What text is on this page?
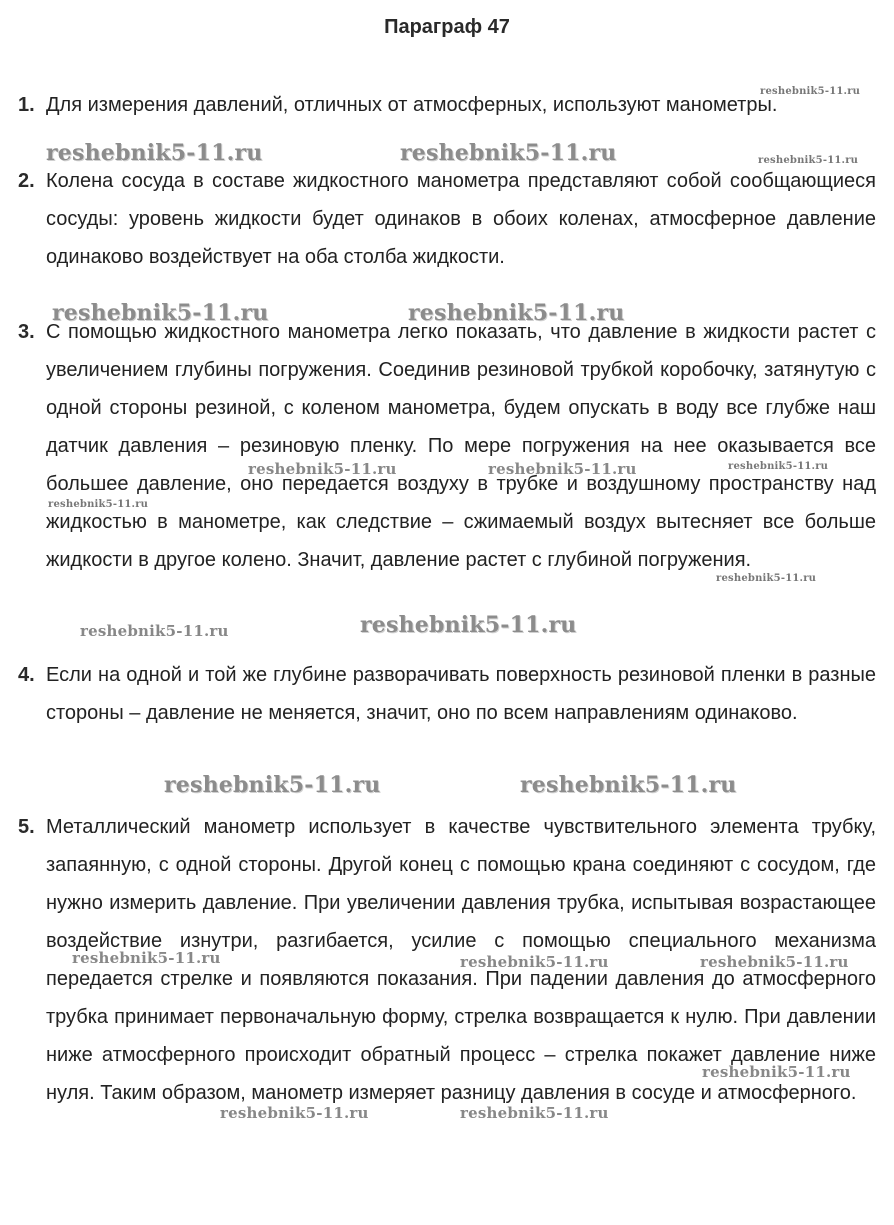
Параграф 47
1. Для измерения давлений, отличных от атмосферных, используют манометры.
2. Колена сосуда в составе жидкостного манометра представляют собой сообщающиеся сосуды: уровень жидкости будет одинаков в обоих коленах, атмосферное давление одинаково воздействует на оба столба жидкости.
3. С помощью жидкостного манометра легко показать, что давление в жидкости растет с увеличением глубины погружения. Соединив резиновой трубкой коробочку, затянутую с одной стороны резиной, с коленом манометра, будем опускать в воду все глубже наш датчик давления – резиновую пленку. По мере погружения на нее оказывается все большее давление, оно передается воздуху в трубке и воздушному пространству над жидкостью в манометре, как следствие – сжимаемый воздух вытесняет все больше жидкости в другое колено. Значит, давление растет с глубиной погружения.
4. Если на одной и той же глубине разворачивать поверхность резиновой пленки в разные стороны – давление не меняется, значит, оно по всем направлениям одинаково.
5. Металлический манометр использует в качестве чувствительного элемента трубку, запаянную, с одной стороны. Другой конец с помощью крана соединяют с сосудом, где нужно измерить давление. При увеличении давления трубка, испытывая возрастающее воздействие изнутри, разгибается, усилие с помощью специального механизма передается стрелке и появляются показания. При падении давления до атмосферного трубка принимает первоначальную форму, стрелка возвращается к нулю. При давлении ниже атмосферного происходит обратный процесс – стрелка покажет давление ниже нуля. Таким образом, манометр измеряет разницу давления в сосуде и атмосферного.
reshebnik5-11.ru
reshebnik5-11.ru	reshebnik5-11.ru	reshebnik5-11.ru
reshebnik5-11.ru	reshebnik5-11.ru
reshebnik5-11.ru	reshebnik5-11.ru	reshebnik5-11.ru
reshebnik5-11.ru
reshebnik5-11.ru
reshebnik5-11.ru	reshebnik5-11.ru
reshebnik5-11.ru	reshebnik5-11.ru
reshebnik5-11.ru	reshebnik5-11.ru	reshebnik5-11.ru
reshebnik5-11.ru
reshebnik5-11.ru	reshebnik5-11.ru
